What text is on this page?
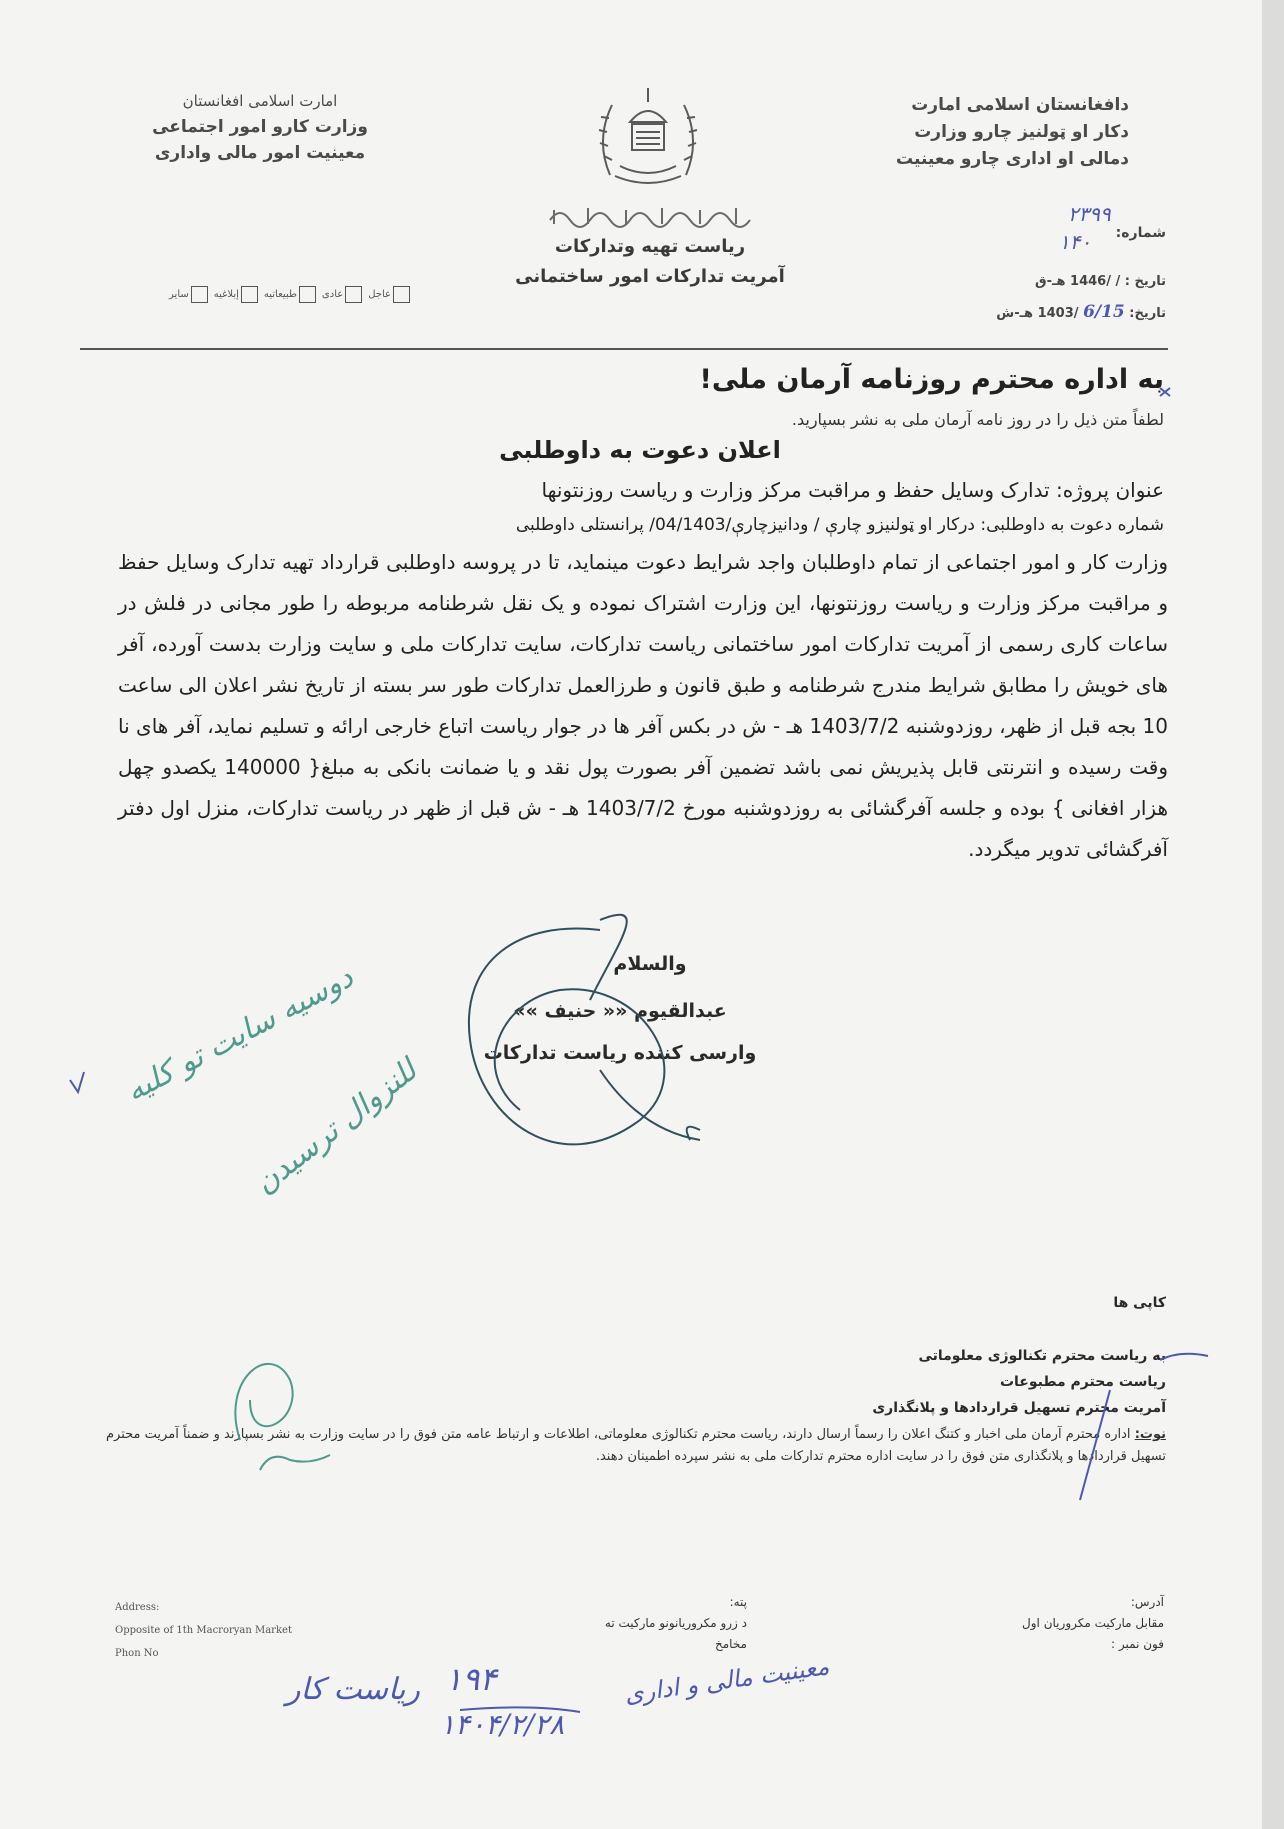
دافغانستان اسلامی امارت
دکار او ټولنیز چارو وزارت
دمالی او اداری چارو معینیت
امارت اسلامی افغانستان
وزارت کارو امور اجتماعی
معینیت امور مالی واداری
ریاست تهیه وتدارکات
آمریت تدارکات امور ساختمانی
عاجل
عادی
طبیعاتیه
إبلاغیه
سایر
شماره: ۲۳۹۹
۱۴۰
تاریخ : / /1446 هـ-ق
تاریخ: 6/15 /1403 هـ-ش
به اداره محترم روزنامه آرمان ملی!
لطفاً متن ذیل را در روز نامه آرمان ملی به نشر بسپارید.
اعلان دعوت به داوطلبی
عنوان پروژه: تدارک وسایل حفظ و مراقبت مرکز وزارت و ریاست روزنتونها
شماره دعوت به داوطلبی: درکار او ټولنیزو چارې / ودانیزچارې/04/1403/ پرانستلی داوطلبی
وزارت کار و امور اجتماعی از تمام داوطلبان واجد شرایط دعوت مینماید، تا در پروسه داوطلبی قرارداد تهیه تدارک وسایل حفظ و مراقبت مرکز وزارت و ریاست روزنتونها، این وزارت اشتراک نموده و یک نقل شرطنامه مربوطه را طور مجانی در فلش در ساعات کاری رسمی از آمریت تدارکات امور ساختمانی ریاست تدارکات، سایت تدارکات ملی و سایت وزارت بدست آورده، آفر های خویش را مطابق شرایط مندرج شرطنامه و طبق قانون و طرزالعمل تدارکات طور سر بسته از تاریخ نشر اعلان الی ساعت 10 بجه قبل از ظهر، روزدوشنبه 1403/7/2 هـ - ش در بکس آفر ها در جوار ریاست اتباع خارجی ارائه و تسلیم نماید، آفر های نا وقت رسیده و انترنتی قابل پذیریش نمی باشد تضمین آفر بصورت پول نقد و یا ضمانت بانکی به مبلغ{ 140000 یکصدو چهل هزار افغانی } بوده و جلسه آفرگشائی به روزدوشنبه مورخ 1403/7/2 هـ - ش قبل از ظهر در ریاست تدارکات، منزل اول دفتر آفرگشائی تدویر میگردد.
والسلام
عبدالقیوم «« حنیف »»
وارسی کننده ریاست تدارکات
کاپی ها
به ریاست محترم تکنالوژی معلوماتی
ریاست محترم مطبوعات
آمریت محترم تسهیل قراردادها و پلانگذاری
نوت: اداره محترم آرمان ملی اخبار و کتنگ اعلان را رسماً ارسال دارند، ریاست محترم تکنالوژی معلوماتی، اطلاعات و ارتباط عامه متن فوق را در سایت وزارت به نشر بسپارند و ضمناً آمریت محترم تسهیل قراردادها و پلانگذاری متن فوق را در سایت اداره محترم تدارکات ملی به نشر سپرده اطمینان دهند.
آدرس:
مقابل مارکیت مکروریان اول
فون نمبر :
پته:
د زرو مکروریانونو مارکیت ته
مخامخ
Address:
Opposite of 1th Macroryan Market
Phon No
دوسیه سایت تو کلیه
للنزوال ترسیدن
۱۹۴
۱۴۰۴/۲/۲۸
معینیت مالی و اداری
ریاست کار
